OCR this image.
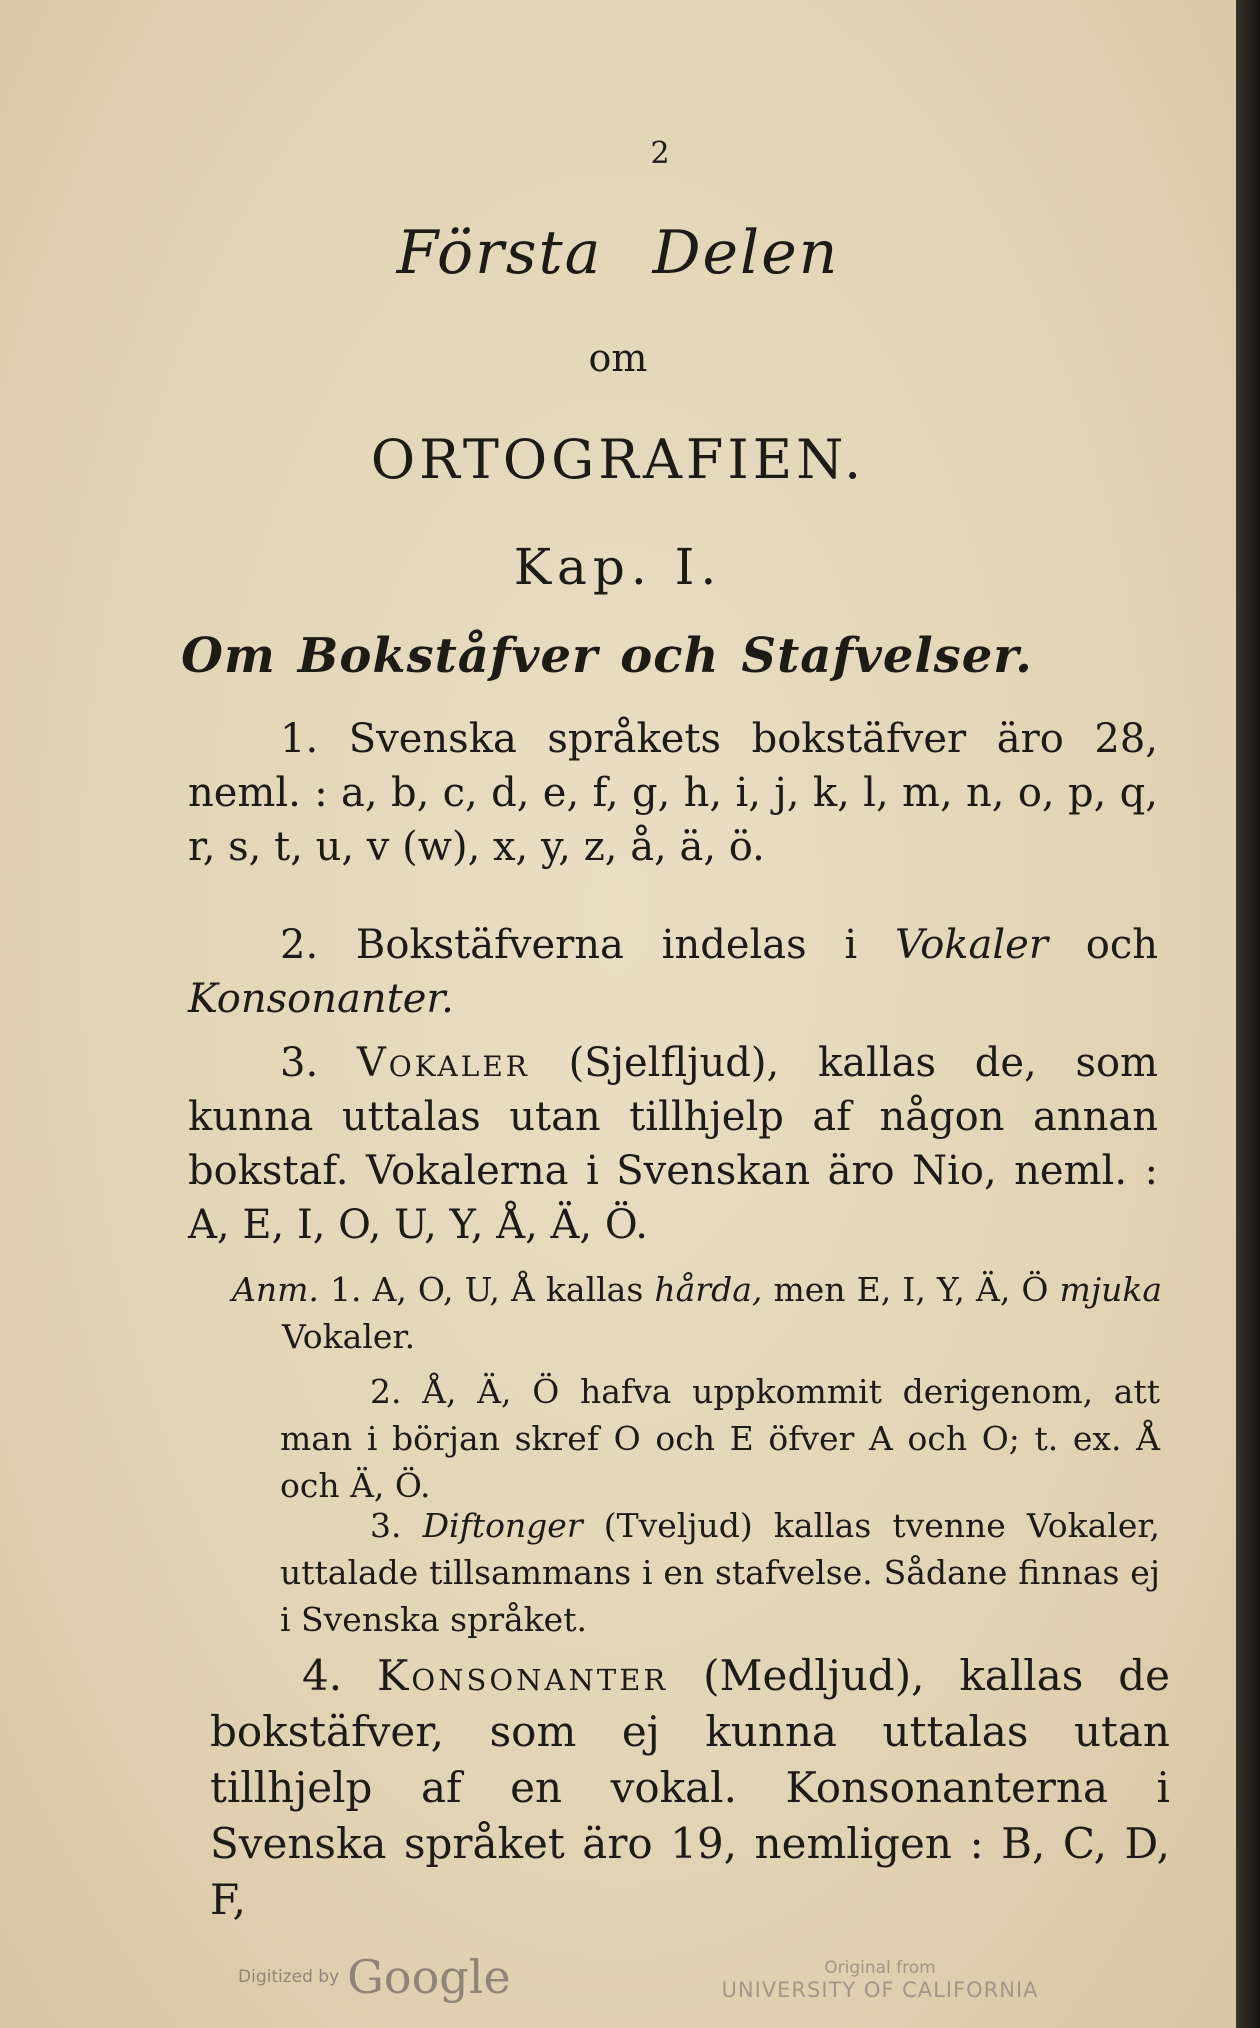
2
Första Delen
om
ORTOGRAFIEN.
Kap. I.
Om Bokståfver och Stafvelser.
1. Svenska språkets bokstäfver äro 28, neml. : a, b, c, d, e, f, g, h, i, j, k, l, m, n, o, p, q, r, s, t, u, v (w), x, y, z, å, ä, ö.
2. Bokstäfverna indelas i Vokaler och Konsonanter.
3. Vokaler (Sjelfljud), kallas de, som kunna uttalas utan tillhjelp af någon annan bokstaf. Vokalerna i Svenskan äro Nio, neml. : A, E, I, O, U, Y, Å, Ä, Ö.
Anm. 1. A, O, U, Å kallas hårda, men E, I, Y, Ä, Ö mjuka Vokaler.
2. Å, Ä, Ö hafva uppkommit derigenom, att man i början skref O och E öfver A och O; t. ex. Å och Ä, Ö.
3. Diftonger (Tveljud) kallas tvenne Vokaler, uttalade tillsammans i en stafvelse. Sådane finnas ej i Svenska språket.
4. Konsonanter (Medljud), kallas de bokstäfver, som ej kunna uttalas utan tillhjelp af en vokal. Konsonanterna i Svenska språket äro 19, nemligen : B, C, D, F,
Digitized by Google	Original from
UNIVERSITY OF CALIFORNIA
